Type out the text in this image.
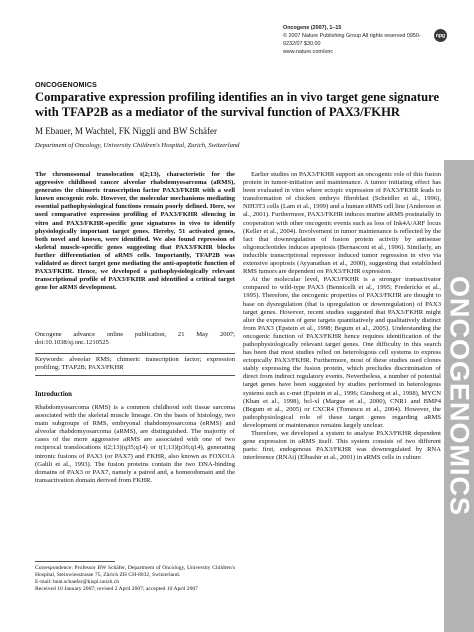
Oncogene (2007), 1–15
© 2007 Nature Publishing Group All rights reserved 0950-9232/07 $30.00
www.nature.com/onc
npg
ONCOGENOMICS
Comparative expression profiling identifies an in vivo target gene signature with TFAP2B as a mediator of the survival function of PAX3/FKHR
M Ebauer, M Wachtel, FK Niggli and BW Schäfer
Department of Oncology, University Children's Hospital, Zurich, Switzerland

The chromosomal translocation t(2;13), characteristic for the aggressive childhood cancer alveolar rhabdomyosarcoma (aRMS), generates the chimeric transcription factor PAX3/FKHR with a well known oncogenic role. However, the molecular mechanisms mediating essential pathophysiological functions remain poorly defined. Here, we used comparative expression profiling of PAX3/FKHR silencing in vitro and PAX3/FKHR-specific gene signatures in vivo to identify physiologically important target genes. Hereby, 51 activated genes, both novel and known, were identified. We also found repression of skeletal muscle-specific genes suggesting that PAX3/FKHR blocks further differentiation of aRMS cells. Importantly, TFAP2B was validated as direct target gene mediating the anti-apoptotic function of PAX3/FKHR. Hence, we developed a pathophysiologically relevant transcriptional profile of PAX3/FKHR and identified a critical target gene for aRMS development.

Oncogene advance online publication, 21 May 2007; doi:10.1038/sj.onc.1210525
Keywords: alveolar RMS; chimeric transcription factor; expression profiling; TFAP2B; PAX3/FKHR
Introduction

Rhabdomyosarcoma (RMS) is a common childhood soft tissue sarcoma associated with the skeletal muscle lineage. On the basis of histology, two main subgroups of RMS, embryonal rhabdomyosarcoma (eRMS) and alveolar rhabdomyosarcoma (aRMS), are distinguished. The majority of cases of the more aggressive aRMS are associated with one of two reciprocal translocations t(2;13)(q35;q14) or t(1;13)(p36;q14), generating intronic fusions of PAX3 (or PAX7) and FKHR, also known as FOXO1A (Galili et al., 1993). The fusion proteins contain the two DNA-binding domains of PAX3 or PAX7, namely a paired and, a homeodomain and the transactivation domain derived from FKHR.

Correspondence: Professor BW Schäfer, Department of Oncology, University Children's Hospital, Steinwiesstrasse 75, Zürich ZH CH-8032, Switzerland.
E-mail: beat.schaefer@kispi.unizh.ch
Received 10 January 2007; revised 2 April 2007; accepted 10 April 2007

Earlier studies on PAX3/FKHR support an oncogenic role of this fusion protein in tumor-initiation and maintenance. A tumor initiating effect has been evaluated in vitro where ectopic expression of PAX3/FKHR leads to transformation of chicken embryo fibroblast (Scheidler et al., 1996), NIH3T3 cells (Lam et al., 1999) and a human eRMS cell line (Anderson et al., 2001). Furthermore, PAX3/FKHR induces murine aRMS postnatally in cooperation with other oncogenic events such as loss of Ink4A/ARF locus (Keller et al., 2004). Involvement in tumor maintenance is reflected by the fact that downregulation of fusion protein activity by antisense oligonucleotides induces apoptosis (Bernasconi et al., 1996). Similarly, an inducible transcriptional repressor induced tumor regression in vivo via extensive apoptosis (Ayyanathan et al., 2000), suggesting that established RMS tumors are dependent on PAX3/FKHR expression.

At the molecular level, PAX3/FKHR is a stronger transactivator compared to wild-type PAX3 (Bennicelli et al., 1995; Fredericks et al., 1995). Therefore, the oncogenic properties of PAX3/FKHR are thought to base on dysregulation (that is upregulation or downregulation) of PAX3 target genes. However, recent studies suggested that PAX3/FKHR might alter the expression of gene targets quantitatively and qualitatively distinct from PAX3 (Epstein et al., 1998; Begum et al., 2005). Understanding the oncogenic function of PAX3/FKHR hence requires identification of the pathophysiologically relevant target genes. One difficulty in this search has been that most studies relied on heterologous cell systems to express ectopically PAX3/FKHR. Furthermore, most of these studies used clones stably expressing the fusion protein, which precludes discrimination of direct from indirect regulatory events. Nevertheless, a number of potential target genes have been suggested by studies performed in heterologous systems such as c-met (Epstein et al., 1996; Ginsberg et al., 1998), MYCN (Khan et al., 1998), bcl-xl (Margue et al., 2000), CNR1 and BMP4 (Begum et al., 2005) or CXCR4 (Tomescu et al., 2004). However, the pathophysiological role of these target genes regarding aRMS development or maintenance remains largely unclear.

Therefore, we developed a system to analyse PAX3/FKHR dependent gene expression in aRMS itself. This system consists of two different parts: first, endogenous PAX3/FKHR was downregulated by RNA interference (RNAi) (Elbashir et al., 2001) in aRMS cells in culture ONCOGENOMICS
